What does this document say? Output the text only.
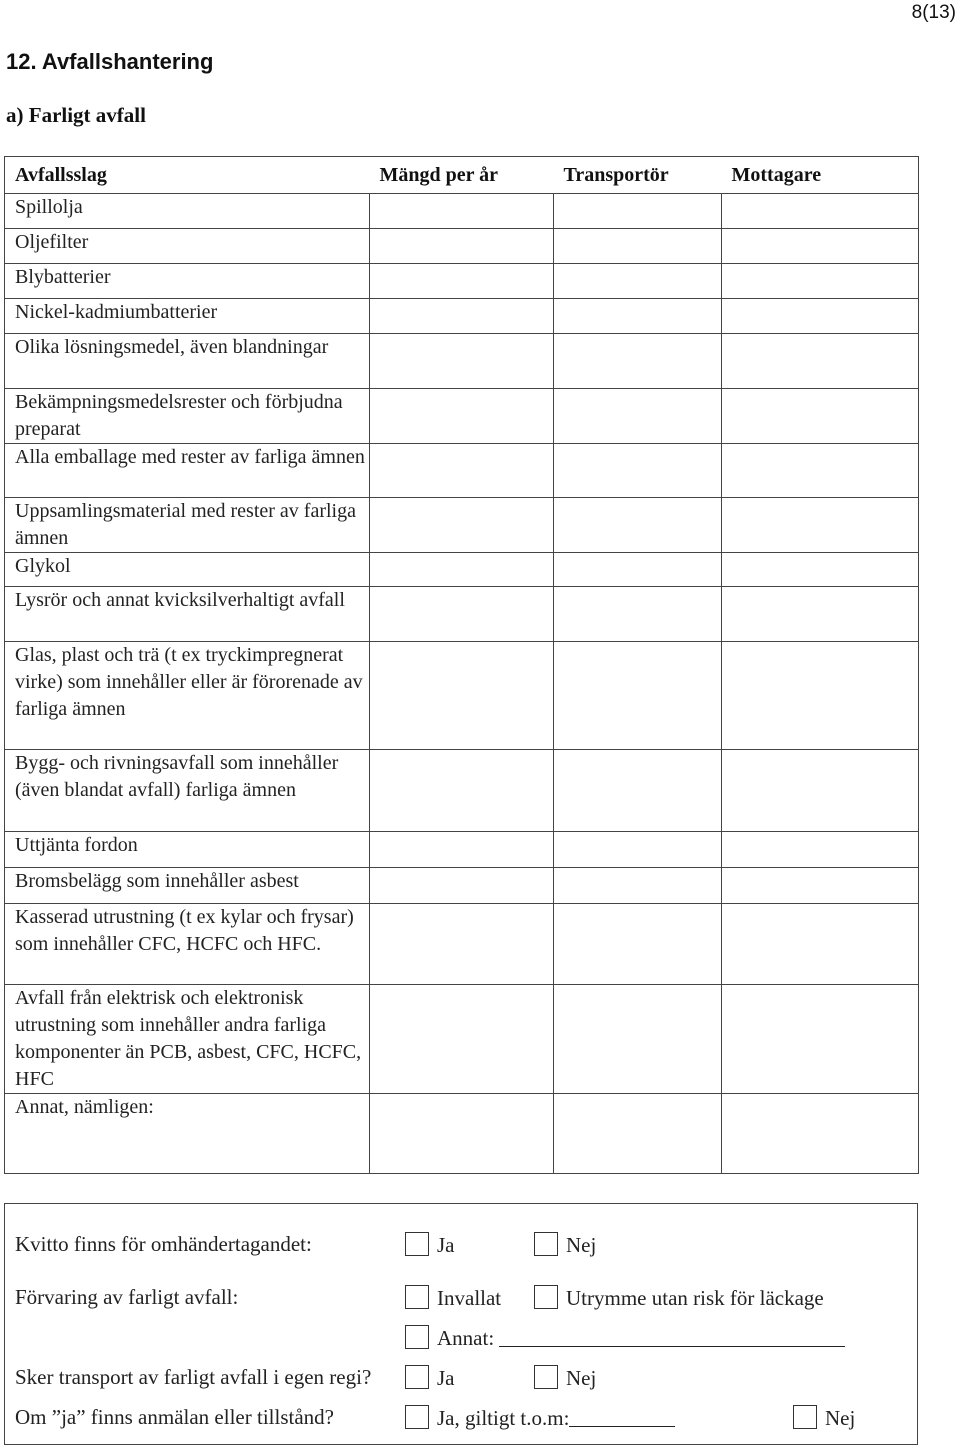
8(13)
12. Avfallshantering
a) Farligt avfall
Avfallsslag	Mängd per år	Transportör	Mottagare
Spillolja			
Oljefilter			
Blybatterier			
Nickel-kadmiumbatterier			
Olika lösningsmedel, även blandningar			
Bekämpningsmedelsrester och förbjudna preparat			
Alla emballage med rester av farliga ämnen			
Uppsamlingsmaterial med rester av farliga ämnen			
Glykol			
Lysrör och annat kvicksilverhaltigt avfall			
Glas, plast och trä (t ex tryckimpregnerat virke) som innehåller eller är förorenade av farliga ämnen			
Bygg- och rivningsavfall som innehåller (även blandat avfall) farliga ämnen			
Uttjänta fordon			
Bromsbelägg som innehåller asbest			
Kasserad utrustning (t ex kylar och frysar) som innehåller CFC, HCFC och HFC.			
Avfall från elektrisk och elektronisk utrustning som innehåller andra farliga komponenter än PCB, asbest, CFC, HCFC, HFC			
Annat, nämligen:			
Kvitto finns för omhändertagandet:	Ja	Nej
Förvaring av farligt avfall:	Invallat	Utrymme utan risk för läckage
Annat:
Sker transport av farligt avfall i egen regi?	Ja	Nej
Om ”ja” finns anmälan eller tillstånd?	Ja, giltigt t.o.m:	Nej
